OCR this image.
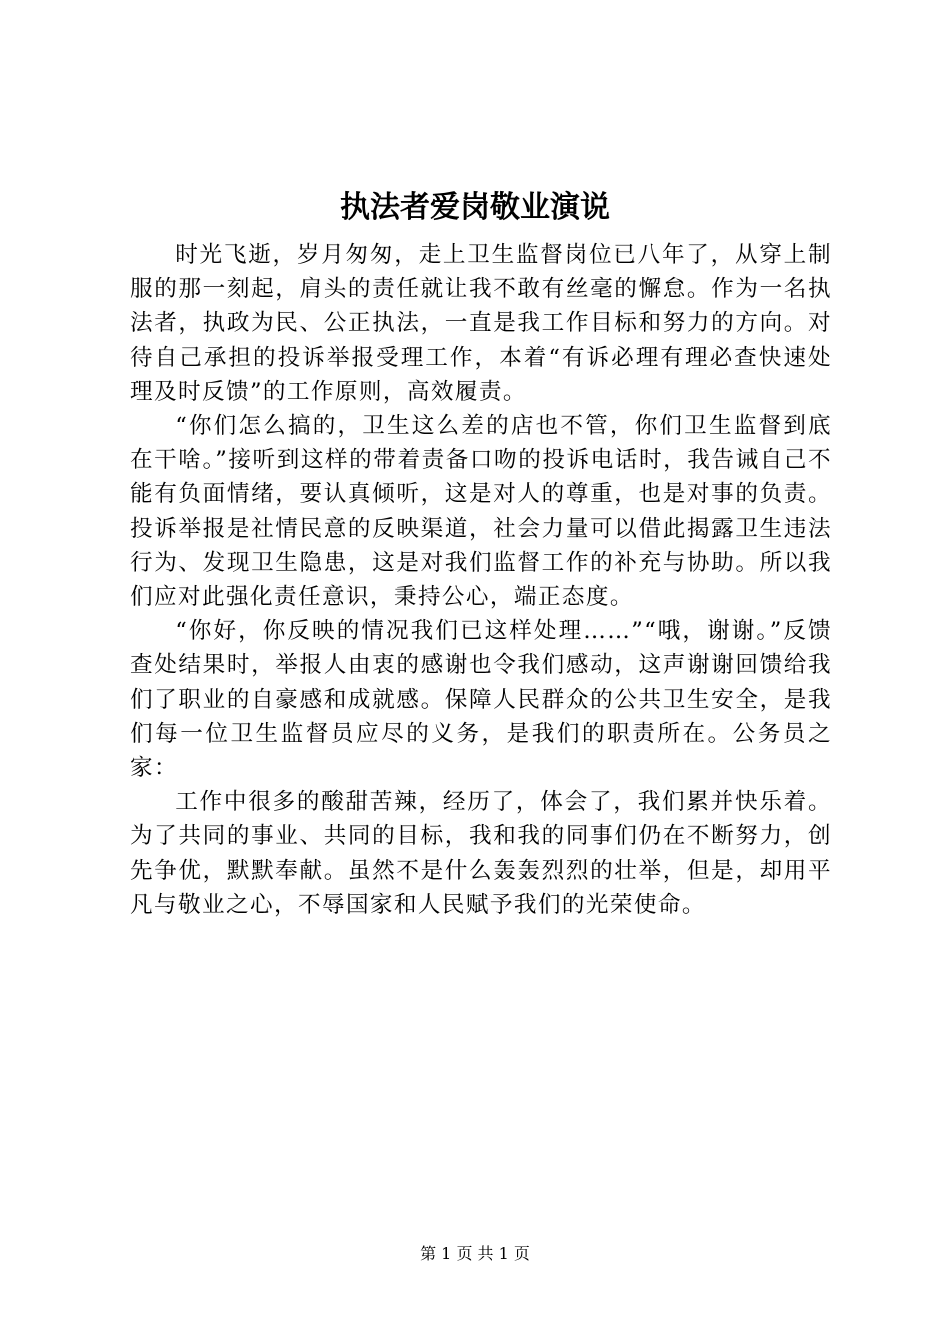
执法者爱岗敬业演说

时光飞逝，岁月匆匆，走上卫生监督岗位已八年了，从穿上制服的那一刻起，肩头的责任就让我不敢有丝毫的懈怠。作为一名执法者，执政为民、公正执法，一直是我工作目标和努力的方向。对待自己承担的投诉举报受理工作，本着“有诉必理有理必查快速处理及时反馈”的工作原则，高效履责。

“你们怎么搞的，卫生这么差的店也不管，你们卫生监督到底在干啥。”接听到这样的带着责备口吻的投诉电话时，我告诫自己不能有负面情绪，要认真倾听，这是对人的尊重，也是对事的负责。投诉举报是社情民意的反映渠道，社会力量可以借此揭露卫生违法行为、发现卫生隐患，这是对我们监督工作的补充与协助。所以我们应对此强化责任意识，秉持公心，端正态度。

“你好，你反映的情况我们已这样处理……”“哦，谢谢。”反馈查处结果时，举报人由衷的感谢也令我们感动，这声谢谢回馈给我们了职业的自豪感和成就感。保障人民群众的公共卫生安全，是我们每一位卫生监督员应尽的义务，是我们的职责所在。公务员之家：

工作中很多的酸甜苦辣，经历了，体会了，我们累并快乐着。为了共同的事业、共同的目标，我和我的同事们仍在不断努力，创先争优，默默奉献。虽然不是什么轰轰烈烈的壮举，但是，却用平凡与敬业之心，不辱国家和人民赋予我们的光荣使命。

第 1 页 共 1 页
